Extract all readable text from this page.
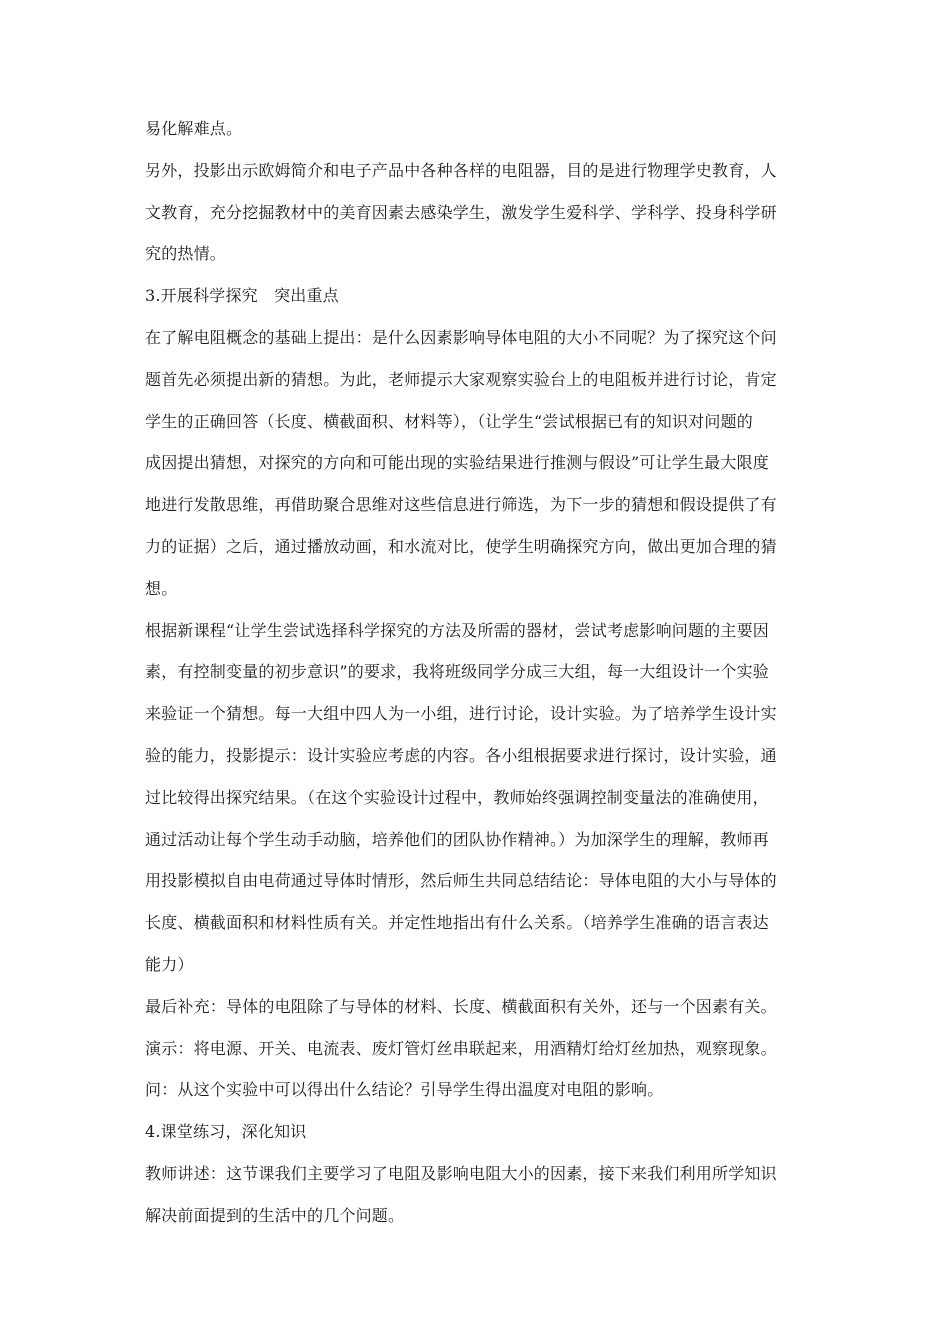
易化解难点。
另外，投影出示欧姆简介和电子产品中各种各样的电阻器，目的是进行物理学史教育，人
文教育，充分挖掘教材中的美育因素去感染学生，激发学生爱科学、学科学、投身科学研
究的热情。
3.开展科学探究　突出重点
在了解电阻概念的基础上提出：是什么因素影响导体电阻的大小不同呢？为了探究这个问
题首先必须提出新的猜想。为此，老师提示大家观察实验台上的电阻板并进行讨论，肯定
学生的正确回答（长度、横截面积、材料等），（让学生“尝试根据已有的知识对问题的
成因提出猜想，对探究的方向和可能出现的实验结果进行推测与假设”可让学生最大限度
地进行发散思维，再借助聚合思维对这些信息进行筛选，为下一步的猜想和假设提供了有
力的证据）之后，通过播放动画，和水流对比，使学生明确探究方向，做出更加合理的猜
想。
根据新课程“让学生尝试选择科学探究的方法及所需的器材，尝试考虑影响问题的主要因
素，有控制变量的初步意识”的要求，我将班级同学分成三大组，每一大组设计一个实验
来验证一个猜想。每一大组中四人为一小组，进行讨论，设计实验。为了培养学生设计实
验的能力，投影提示：设计实验应考虑的内容。各小组根据要求进行探讨，设计实验，通
过比较得出探究结果。（在这个实验设计过程中，教师始终强调控制变量法的准确使用，
通过活动让每个学生动手动脑，培养他们的团队协作精神。）为加深学生的理解，教师再
用投影模拟自由电荷通过导体时情形，然后师生共同总结结论：导体电阻的大小与导体的
长度、横截面积和材料性质有关。并定性地指出有什么关系。（培养学生准确的语言表达
能力）
最后补充：导体的电阻除了与导体的材料、长度、横截面积有关外，还与一个因素有关。
演示：将电源、开关、电流表、废灯管灯丝串联起来，用酒精灯给灯丝加热，观察现象。
问：从这个实验中可以得出什么结论？引导学生得出温度对电阻的影响。
4.课堂练习，深化知识
教师讲述：这节课我们主要学习了电阻及影响电阻大小的因素，接下来我们利用所学知识
解决前面提到的生活中的几个问题。
